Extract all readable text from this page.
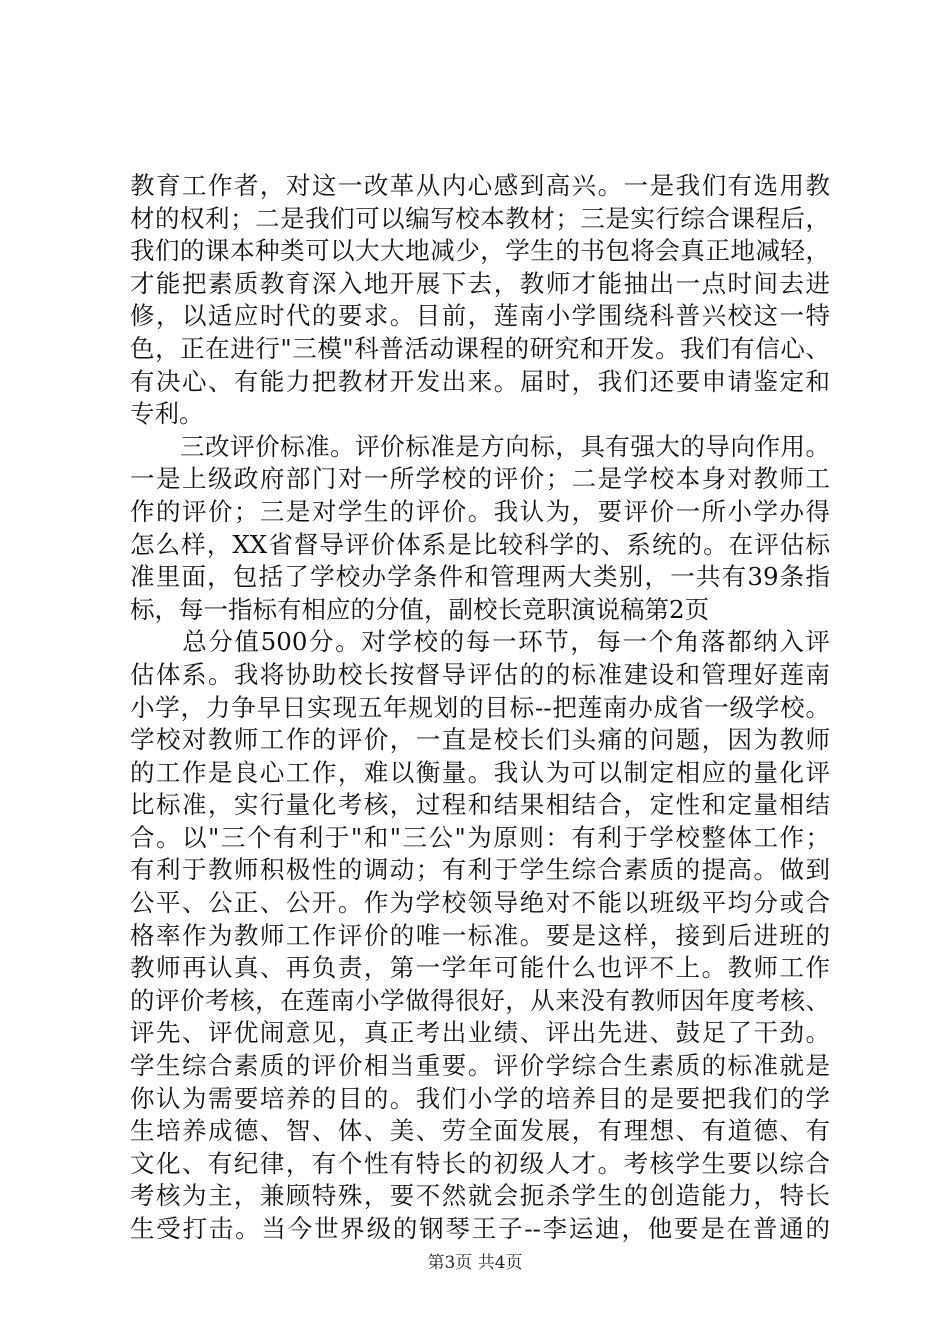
教育工作者，对这一改革从内心感到高兴。一是我们有选用教
材的权利；二是我们可以编写校本教材；三是实行综合课程后，
我们的课本种类可以大大地减少，学生的书包将会真正地减轻，
才能把素质教育深入地开展下去，教师才能抽出一点时间去进
修，以适应时代的要求。目前，莲南小学围绕科普兴校这一特
色，正在进行"三模"科普活动课程的研究和开发。我们有信心、
有决心、有能力把教材开发出来。届时，我们还要申请鉴定和
专利。
　　三改评价标准。评价标准是方向标，具有强大的导向作用。
一是上级政府部门对一所学校的评价；二是学校本身对教师工
作的评价；三是对学生的评价。我认为，要评价一所小学办得
怎么样，XX省督导评价体系是比较科学的、系统的。在评估标
准里面，包括了学校办学条件和管理两大类别，一共有39条指
标，每一指标有相应的分值，副校长竞职演说稿第2页
　　总分值500分。对学校的每一环节，每一个角落都纳入评
估体系。我将协助校长按督导评估的的标准建设和管理好莲南
小学，力争早日实现五年规划的目标--把莲南办成省一级学校。
学校对教师工作的评价，一直是校长们头痛的问题，因为教师
的工作是良心工作，难以衡量。我认为可以制定相应的量化评
比标准，实行量化考核，过程和结果相结合，定性和定量相结
合。以"三个有利于"和"三公"为原则：有利于学校整体工作；
有利于教师积极性的调动；有利于学生综合素质的提高。做到
公平、公正、公开。作为学校领导绝对不能以班级平均分或合
格率作为教师工作评价的唯一标准。要是这样，接到后进班的
教师再认真、再负责，第一学年可能什么也评不上。教师工作
的评价考核，在莲南小学做得很好，从来没有教师因年度考核、
评先、评优闹意见，真正考出业绩、评出先进、鼓足了干劲。
学生综合素质的评价相当重要。评价学综合生素质的标准就是
你认为需要培养的目的。我们小学的培养目的是要把我们的学
生培养成德、智、体、美、劳全面发展，有理想、有道德、有
文化、有纪律，有个性有特长的初级人才。考核学生要以综合
考核为主，兼顾特殊，要不然就会扼杀学生的创造能力，特长
生受打击。当今世界级的钢琴王子--李运迪，他要是在普通的
第3页 共4页
